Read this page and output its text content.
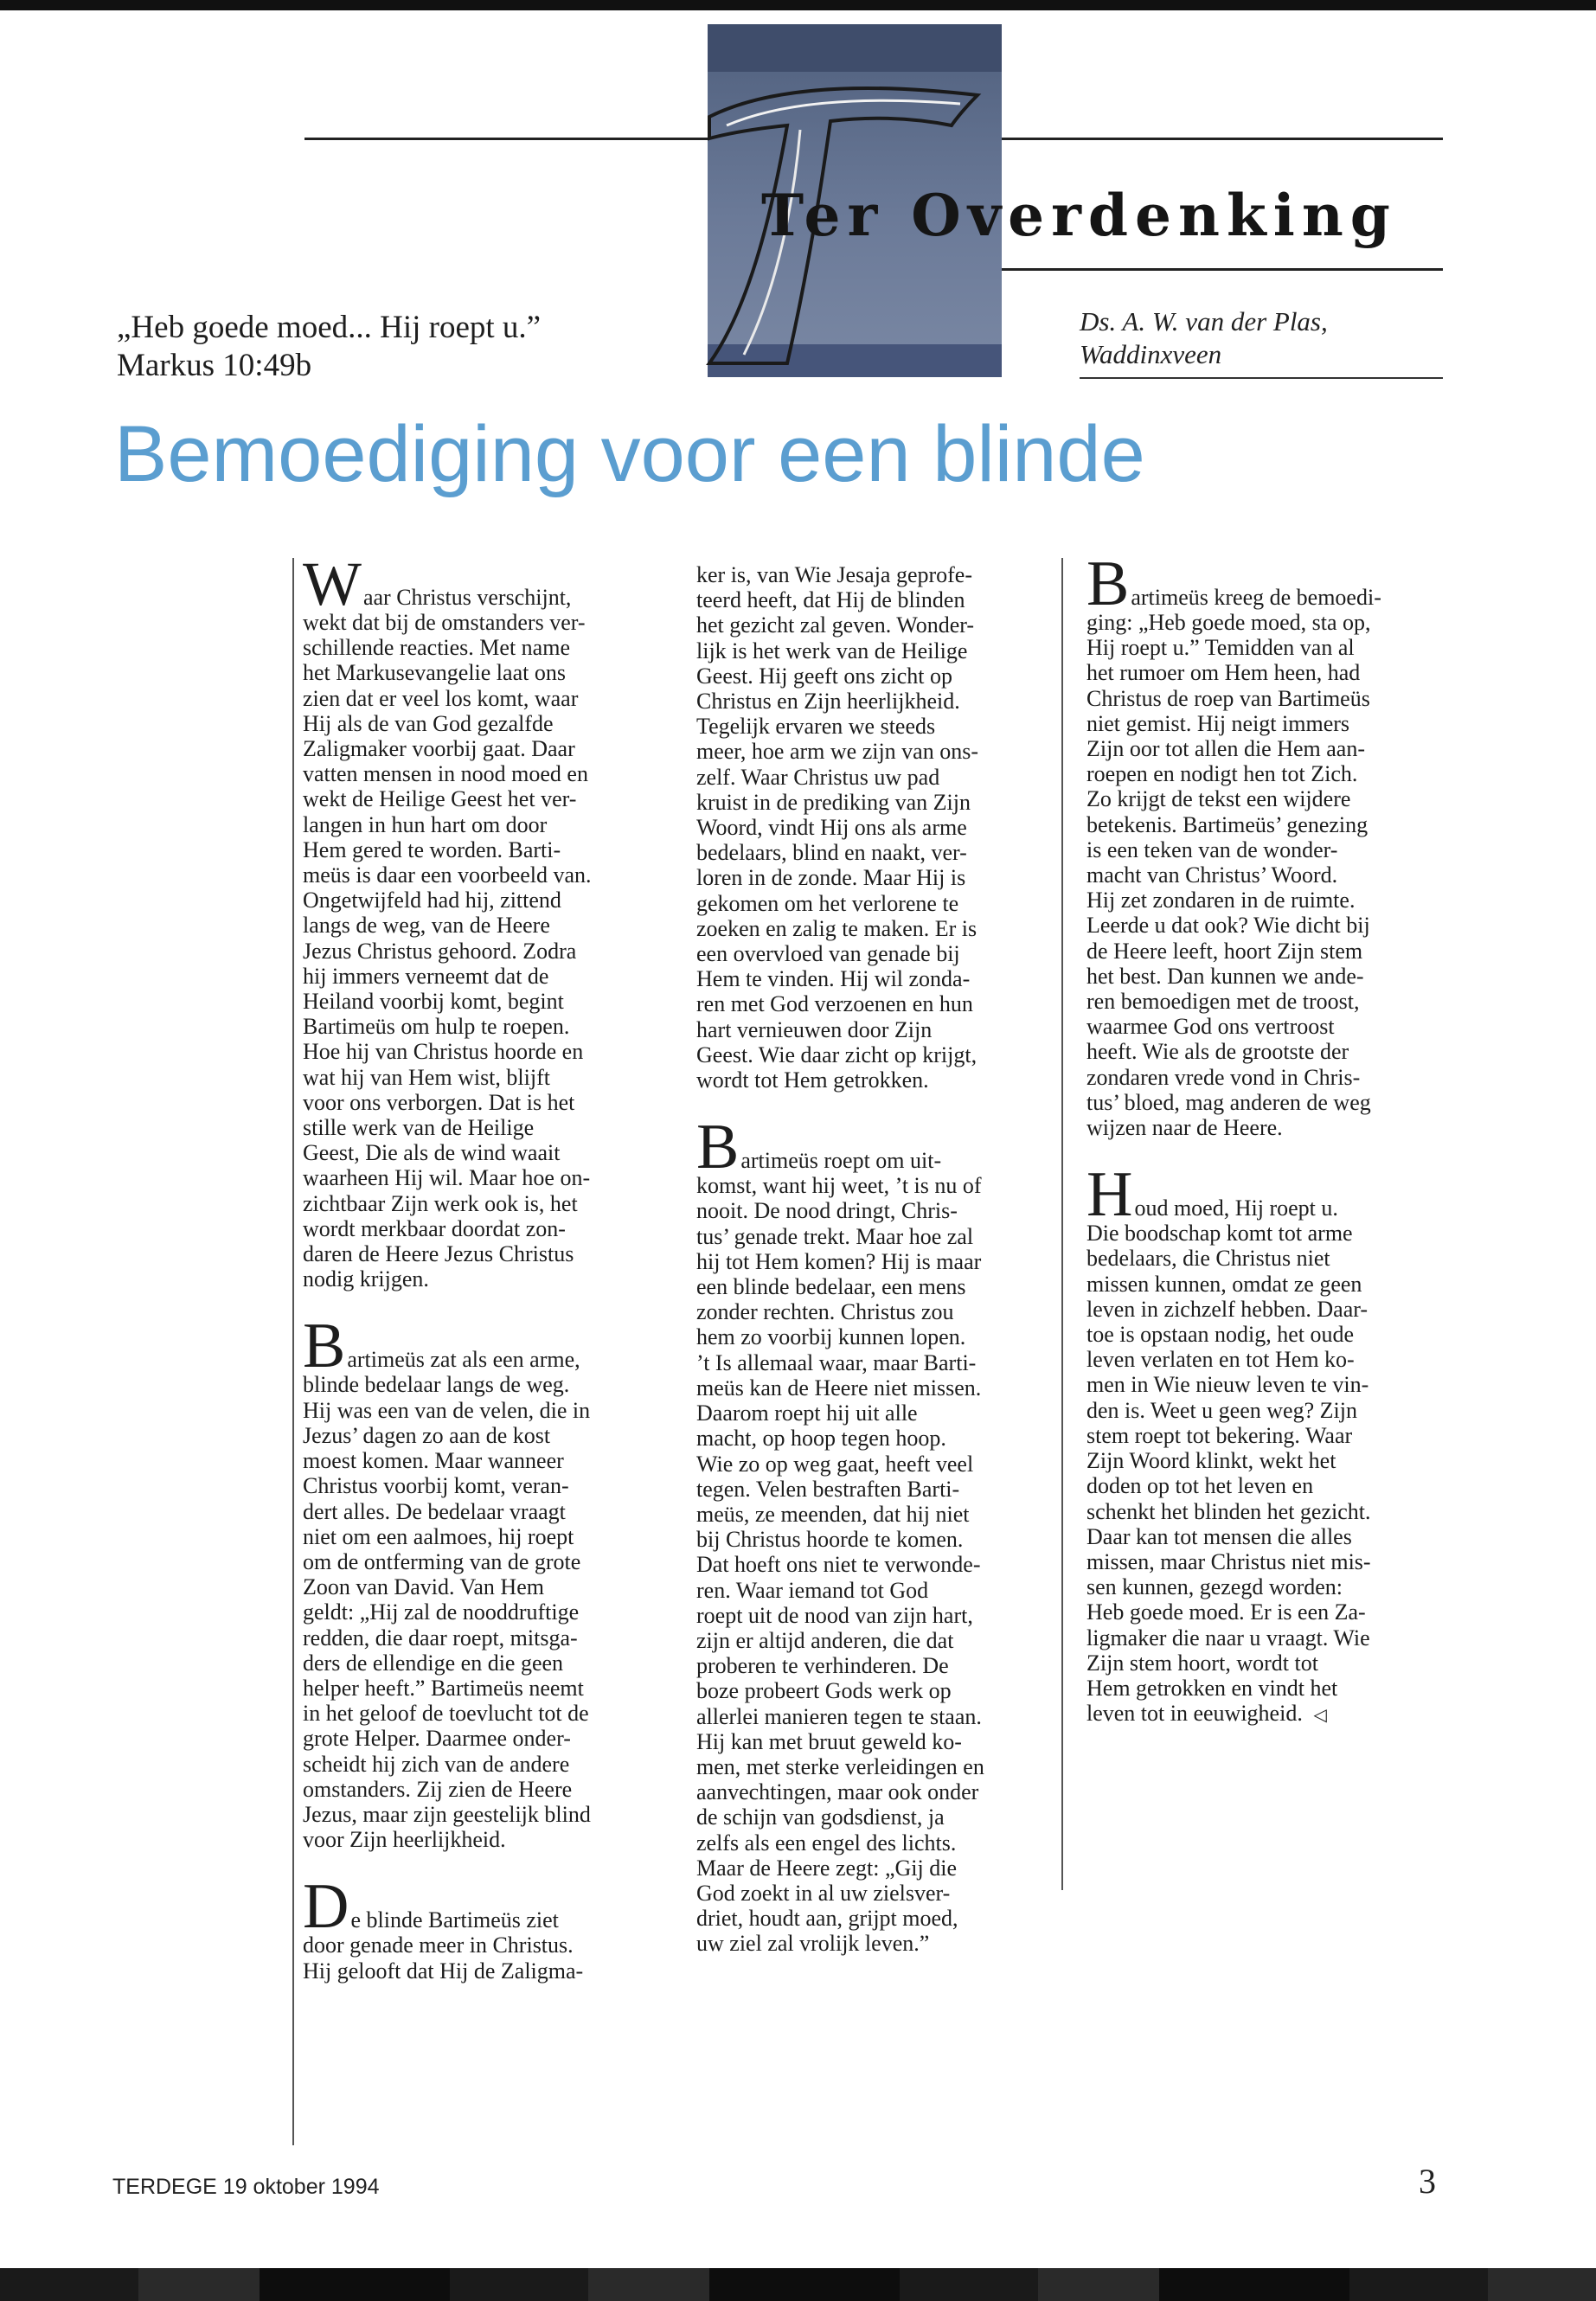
Ter Overdenking
„Heb goede moed... Hij roept u.”
Markus 10:49b
Ds. A. W. van der Plas,
Waddinxveen
Bemoediging voor een blinde
Waar Christus verschijnt,
wekt dat bij de omstanders ver-
schillende reacties. Met name
het Markusevangelie laat ons
zien dat er veel los komt, waar
Hij als de van God gezalfde
Zaligmaker voorbij gaat. Daar
vatten mensen in nood moed en
wekt de Heilige Geest het ver-
langen in hun hart om door
Hem gered te worden. Barti-
meüs is daar een voorbeeld van.
Ongetwijfeld had hij, zittend
langs de weg, van de Heere
Jezus Christus gehoord. Zodra
hij immers verneemt dat de
Heiland voorbij komt, begint
Bartimeüs om hulp te roepen.
Hoe hij van Christus hoorde en
wat hij van Hem wist, blijft
voor ons verborgen. Dat is het
stille werk van de Heilige
Geest, Die als de wind waait
waarheen Hij wil. Maar hoe on-
zichtbaar Zijn werk ook is, het
wordt merkbaar doordat zon-
daren de Heere Jezus Christus
nodig krijgen.
Bartimeüs zat als een arme,
blinde bedelaar langs de weg.
Hij was een van de velen, die in
Jezus’ dagen zo aan de kost
moest komen. Maar wanneer
Christus voorbij komt, veran-
dert alles. De bedelaar vraagt
niet om een aalmoes, hij roept
om de ontferming van de grote
Zoon van David. Van Hem
geldt: „Hij zal de nooddruftige
redden, die daar roept, mitsga-
ders de ellendige en die geen
helper heeft.” Bartimeüs neemt
in het geloof de toevlucht tot de
grote Helper. Daarmee onder-
scheidt hij zich van de andere
omstanders. Zij zien de Heere
Jezus, maar zijn geestelijk blind
voor Zijn heerlijkheid.
De blinde Bartimeüs ziet
door genade meer in Christus.
Hij gelooft dat Hij de Zaligma-
ker is, van Wie Jesaja geprofe-
teerd heeft, dat Hij de blinden
het gezicht zal geven. Wonder-
lijk is het werk van de Heilige
Geest. Hij geeft ons zicht op
Christus en Zijn heerlijkheid.
Tegelijk ervaren we steeds
meer, hoe arm we zijn van ons-
zelf. Waar Christus uw pad
kruist in de prediking van Zijn
Woord, vindt Hij ons als arme
bedelaars, blind en naakt, ver-
loren in de zonde. Maar Hij is
gekomen om het verlorene te
zoeken en zalig te maken. Er is
een overvloed van genade bij
Hem te vinden. Hij wil zonda-
ren met God verzoenen en hun
hart vernieuwen door Zijn
Geest. Wie daar zicht op krijgt,
wordt tot Hem getrokken.
Bartimeüs roept om uit-
komst, want hij weet, ’t is nu of
nooit. De nood dringt, Chris-
tus’ genade trekt. Maar hoe zal
hij tot Hem komen? Hij is maar
een blinde bedelaar, een mens
zonder rechten. Christus zou
hem zo voorbij kunnen lopen.
’t Is allemaal waar, maar Barti-
meüs kan de Heere niet missen.
Daarom roept hij uit alle
macht, op hoop tegen hoop.
Wie zo op weg gaat, heeft veel
tegen. Velen bestraften Barti-
meüs, ze meenden, dat hij niet
bij Christus hoorde te komen.
Dat hoeft ons niet te verwonde-
ren. Waar iemand tot God
roept uit de nood van zijn hart,
zijn er altijd anderen, die dat
proberen te verhinderen. De
boze probeert Gods werk op
allerlei manieren tegen te staan.
Hij kan met bruut geweld ko-
men, met sterke verleidingen en
aanvechtingen, maar ook onder
de schijn van godsdienst, ja
zelfs als een engel des lichts.
Maar de Heere zegt: „Gij die
God zoekt in al uw zielsver-
driet, houdt aan, grijpt moed,
uw ziel zal vrolijk leven.”
Bartimeüs kreeg de bemoedi-
ging: „Heb goede moed, sta op,
Hij roept u.” Temidden van al
het rumoer om Hem heen, had
Christus de roep van Bartimeüs
niet gemist. Hij neigt immers
Zijn oor tot allen die Hem aan-
roepen en nodigt hen tot Zich.
Zo krijgt de tekst een wijdere
betekenis. Bartimeüs’ genezing
is een teken van de wonder-
macht van Christus’ Woord.
Hij zet zondaren in de ruimte.
Leerde u dat ook? Wie dicht bij
de Heere leeft, hoort Zijn stem
het best. Dan kunnen we ande-
ren bemoedigen met de troost,
waarmee God ons vertroost
heeft. Wie als de grootste der
zondaren vrede vond in Chris-
tus’ bloed, mag anderen de weg
wijzen naar de Heere.
Houd moed, Hij roept u.
Die boodschap komt tot arme
bedelaars, die Christus niet
missen kunnen, omdat ze geen
leven in zichzelf hebben. Daar-
toe is opstaan nodig, het oude
leven verlaten en tot Hem ko-
men in Wie nieuw leven te vin-
den is. Weet u geen weg? Zijn
stem roept tot bekering. Waar
Zijn Woord klinkt, wekt het
doden op tot het leven en
schenkt het blinden het gezicht.
Daar kan tot mensen die alles
missen, maar Christus niet mis-
sen kunnen, gezegd worden:
Heb goede moed. Er is een Za-
ligmaker die naar u vraagt. Wie
Zijn stem hoort, wordt tot
Hem getrokken en vindt het
leven tot in eeuwigheid. ◁
TERDEGE 19 oktober 1994	3
